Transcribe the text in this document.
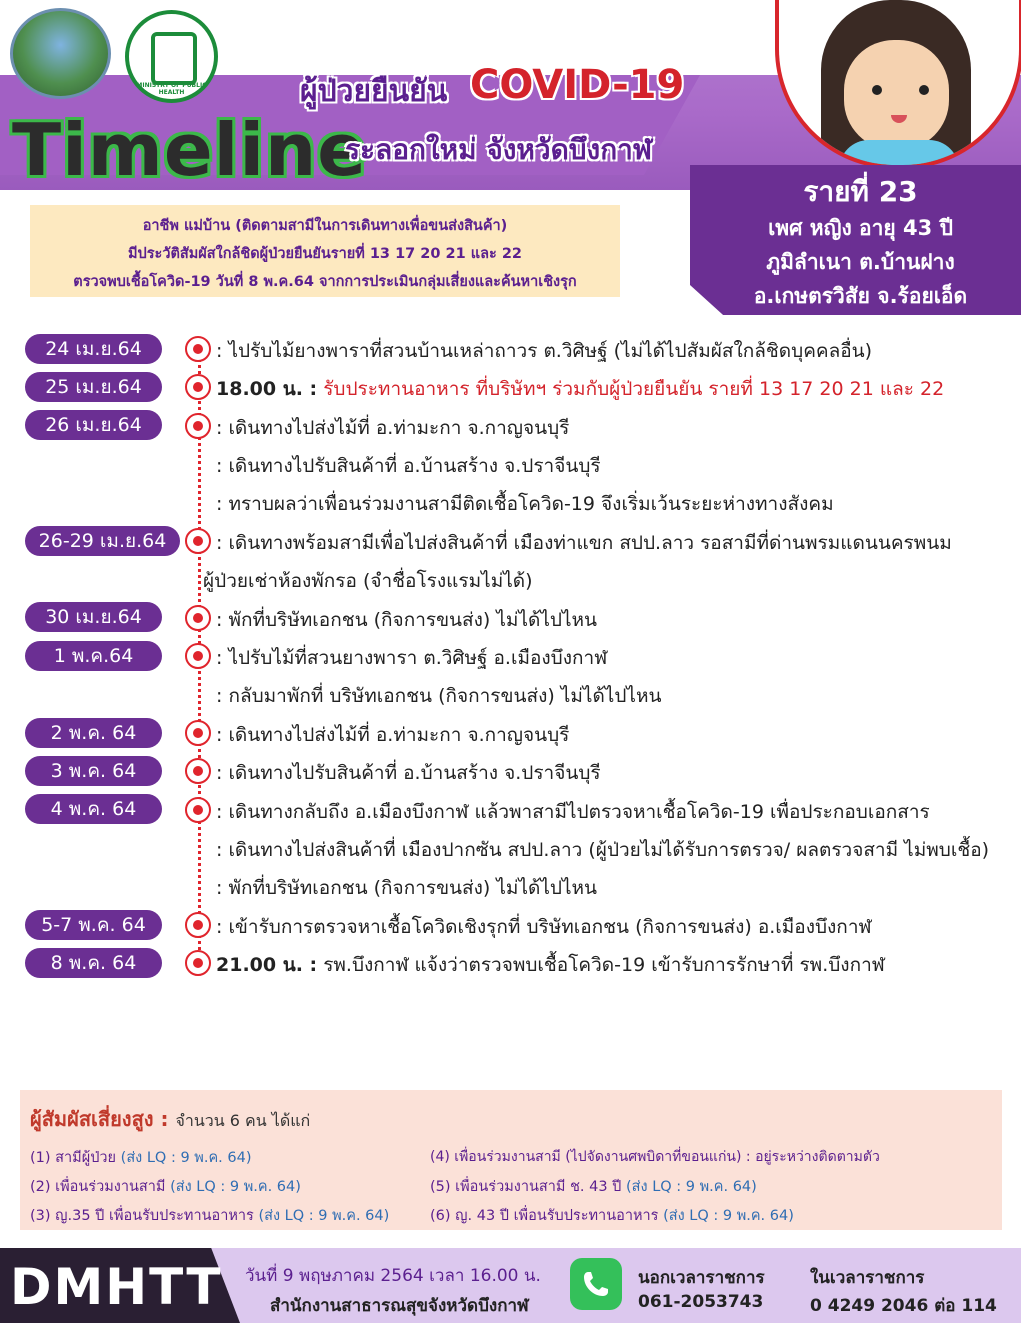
MINISTRY OF PUBLIC HEALTH	ผู้ป่วยยืนยัน COVID-19
Timeline
ระลอกใหม่ จังหวัดบึงกาฬ
รายที่ 23
เพศ หญิง อายุ 43 ปี
ภูมิลำเนา ต.บ้านฝาง
อ.เกษตรวิสัย จ.ร้อยเอ็ด
อาชีพ แม่บ้าน (ติดตามสามีในการเดินทางเพื่อขนส่งสินค้า)
มีประวัติสัมผัสใกล้ชิดผู้ป่วยยืนยันรายที่ 13 17 20 21 และ 22
ตรวจพบเชื้อโควิด-19 วันที่ 8 พ.ค.64 จากการประเมินกลุ่มเสี่ยงและค้นหาเชิงรุก
24 เม.ย.64	: ไปรับไม้ยางพาราที่สวนบ้านเหล่าถาวร ต.วิศิษฐ์ (ไม่ได้ไปสัมผัสใกล้ชิดบุคคลอื่น)
25 เม.ย.64	18.00 น. : รับประทานอาหาร ที่บริษัทฯ ร่วมกับผู้ป่วยยืนยัน รายที่ 13 17 20 21 และ 22
26 เม.ย.64	: เดินทางไปส่งไม้ที่ อ.ท่ามะกา จ.กาญจนบุรี
: เดินทางไปรับสินค้าที่ อ.บ้านสร้าง จ.ปราจีนบุรี
: ทราบผลว่าเพื่อนร่วมงานสามีติดเชื้อโควิด-19 จึงเริ่มเว้นระยะห่างทางสังคม
26-29 เม.ย.64	: เดินทางพร้อมสามีเพื่อไปส่งสินค้าที่ เมืองท่าแขก สปป.ลาว รอสามีที่ด่านพรมแดนนครพนม
ผู้ป่วยเช่าห้องพักรอ (จำชื่อโรงแรมไม่ได้)
30 เม.ย.64	: พักที่บริษัทเอกชน (กิจการขนส่ง) ไม่ได้ไปไหน
1 พ.ค.64	: ไปรับไม้ที่สวนยางพารา ต.วิศิษฐ์ อ.เมืองบึงกาฬ
: กลับมาพักที่ บริษัทเอกชน (กิจการขนส่ง) ไม่ได้ไปไหน
2 พ.ค. 64	: เดินทางไปส่งไม้ที่ อ.ท่ามะกา จ.กาญจนบุรี
3 พ.ค. 64	: เดินทางไปรับสินค้าที่ อ.บ้านสร้าง จ.ปราจีนบุรี
4 พ.ค. 64	: เดินทางกลับถึง อ.เมืองบึงกาฬ แล้วพาสามีไปตรวจหาเชื้อโควิด-19 เพื่อประกอบเอกสาร
: เดินทางไปส่งสินค้าที่ เมืองปากซัน สปป.ลาว (ผู้ป่วยไม่ได้รับการตรวจ/ ผลตรวจสามี ไม่พบเชื้อ)
: พักที่บริษัทเอกชน (กิจการขนส่ง) ไม่ได้ไปไหน
5-7 พ.ค. 64	: เข้ารับการตรวจหาเชื้อโควิดเชิงรุกที่ บริษัทเอกชน (กิจการขนส่ง) อ.เมืองบึงกาฬ
8 พ.ค. 64	21.00 น. : รพ.บึงกาฬ แจ้งว่าตรวจพบเชื้อโควิด-19 เข้ารับการรักษาที่ รพ.บึงกาฬ
ผู้สัมผัสเสี่ยงสูง : จำนวน 6 คน ได้แก่
(1) สามีผู้ป่วย (ส่ง LQ : 9 พ.ค. 64)
(2) เพื่อนร่วมงานสามี (ส่ง LQ : 9 พ.ค. 64)
(3) ญ.35 ปี เพื่อนรับประทานอาหาร (ส่ง LQ : 9 พ.ค. 64)
(4) เพื่อนร่วมงานสามี (ไปจัดงานศพบิดาที่ขอนแก่น) : อยู่ระหว่างติดตามตัว
(5) เพื่อนร่วมงานสามี ช. 43 ปี (ส่ง LQ : 9 พ.ค. 64)
(6) ญ. 43 ปี เพื่อนรับประทานอาหาร (ส่ง LQ : 9 พ.ค. 64)
DMHTT วันที่ 9 พฤษภาคม 2564 เวลา 16.00 น.
สำนักงานสาธารณสุขจังหวัดบึงกาฬ
นอกเวลาราชการ
061-2053743
ในเวลาราชการ
0 4249 2046 ต่อ 114
